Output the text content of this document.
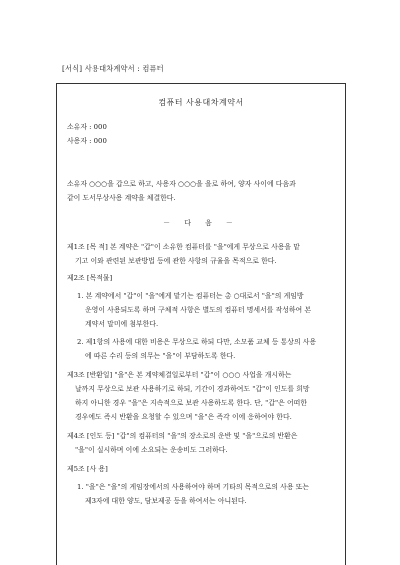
[서식] 사용대차계약서 : 컴퓨터
컴퓨터 사용대차계약서
소유자 : 000
사용자 : 000
소유자 ○○○을 갑으로 하고, 사용자 ○○○을 을로 하여, 양자 사이에 다음과
같이 도서무상사용 계약을 체결한다.
－ 다 음 －
제1조 [목 적] 본 계약은 "갑"이 소유한 컴퓨터를 "을"에게 무상으로 사용을 맡
기고 이와 관련된 보관방법 등에 관한 사항의 규율을 목적으로 한다.
제2조 [목적물]
1. 본 계약에서 "갑"이 "을"에게 맡기는 컴퓨터는 총 ○대로서 "을"의 게임방
운영이 사용되도록 하며 구체적 사항은 별도의 컴퓨터 명세서를 작성하여 본
계약서 말미에 첨부한다.
2. 제1항의 사용에 대한 비용은 무상으로 하되 다만, 소모품 교체 등 통상의 사용
에 따른 수리 등의 의무는 "을"이 부담하도록 한다.
제3조 [반환일] "을"은 본 계약체결일로부터 "갑"이 ○○○ 사업을 개시하는
날까지 무상으로 보관 사용하기로 하되, 기간이 경과하여도 "갑"이 인도를 희망
하지 아니한 경우 "을"은 지속적으로 보관 사용하도록 한다. 단, "갑"은 어떠한
경우에도 즉시 반환을 요청할 수 있으며 "을"은 즉각 이에 응하여야 한다.
제4조 [인도 등] "갑"의 컴퓨터의 "을"의 장소로의 운반 및 "을"으로의 반환은
"을"이 실시하며 이에 소요되는 운송비도 그러하다.
제5조 [사 용]
1. "을"은 "을"의 게임장에서의 사용하여야 하며 기타의 목적으로의 사용 또는
제3자에 대한 양도, 담보제공 등을 하여서는 아니된다.
